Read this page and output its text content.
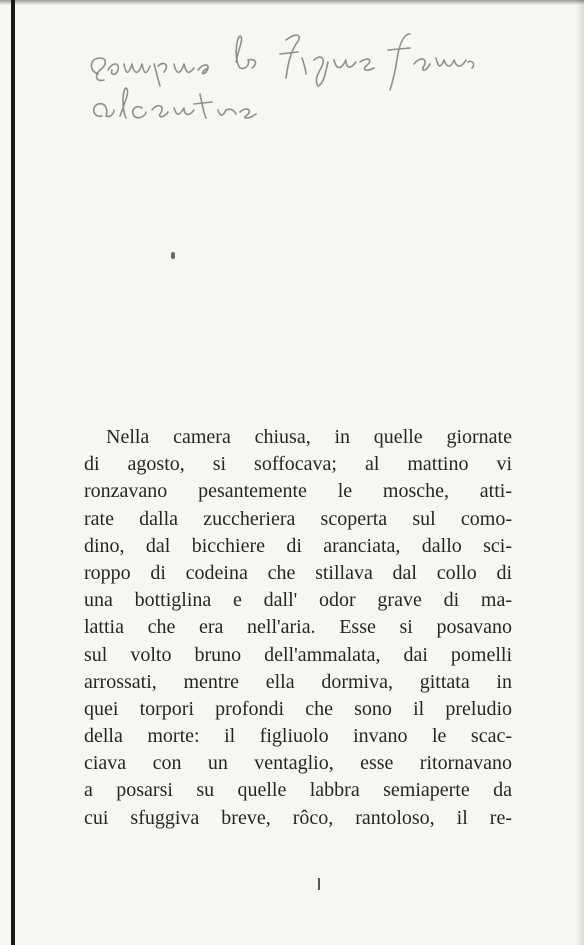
Nella camera chiusa, in quelle giornate
di agosto, si soffocava; al mattino vi
ronzavano pesantemente le mosche, atti-
rate dalla zuccheriera scoperta sul como-
dino, dal bicchiere di aranciata, dallo sci-
roppo di codeina che stillava dal collo di
una bottiglina e dall' odor grave di ma-
lattia che era nell'aria. Esse si posavano
sul volto bruno dell'ammalata, dai pomelli
arrossati, mentre ella dormiva, gittata in
quei torpori profondi che sono il preludio
della morte: il figliuolo invano le scac-
ciava con un ventaglio, esse ritornavano
a posarsi su quelle labbra semiaperte da
cui sfuggiva breve, rôco, rantoloso, il re-
